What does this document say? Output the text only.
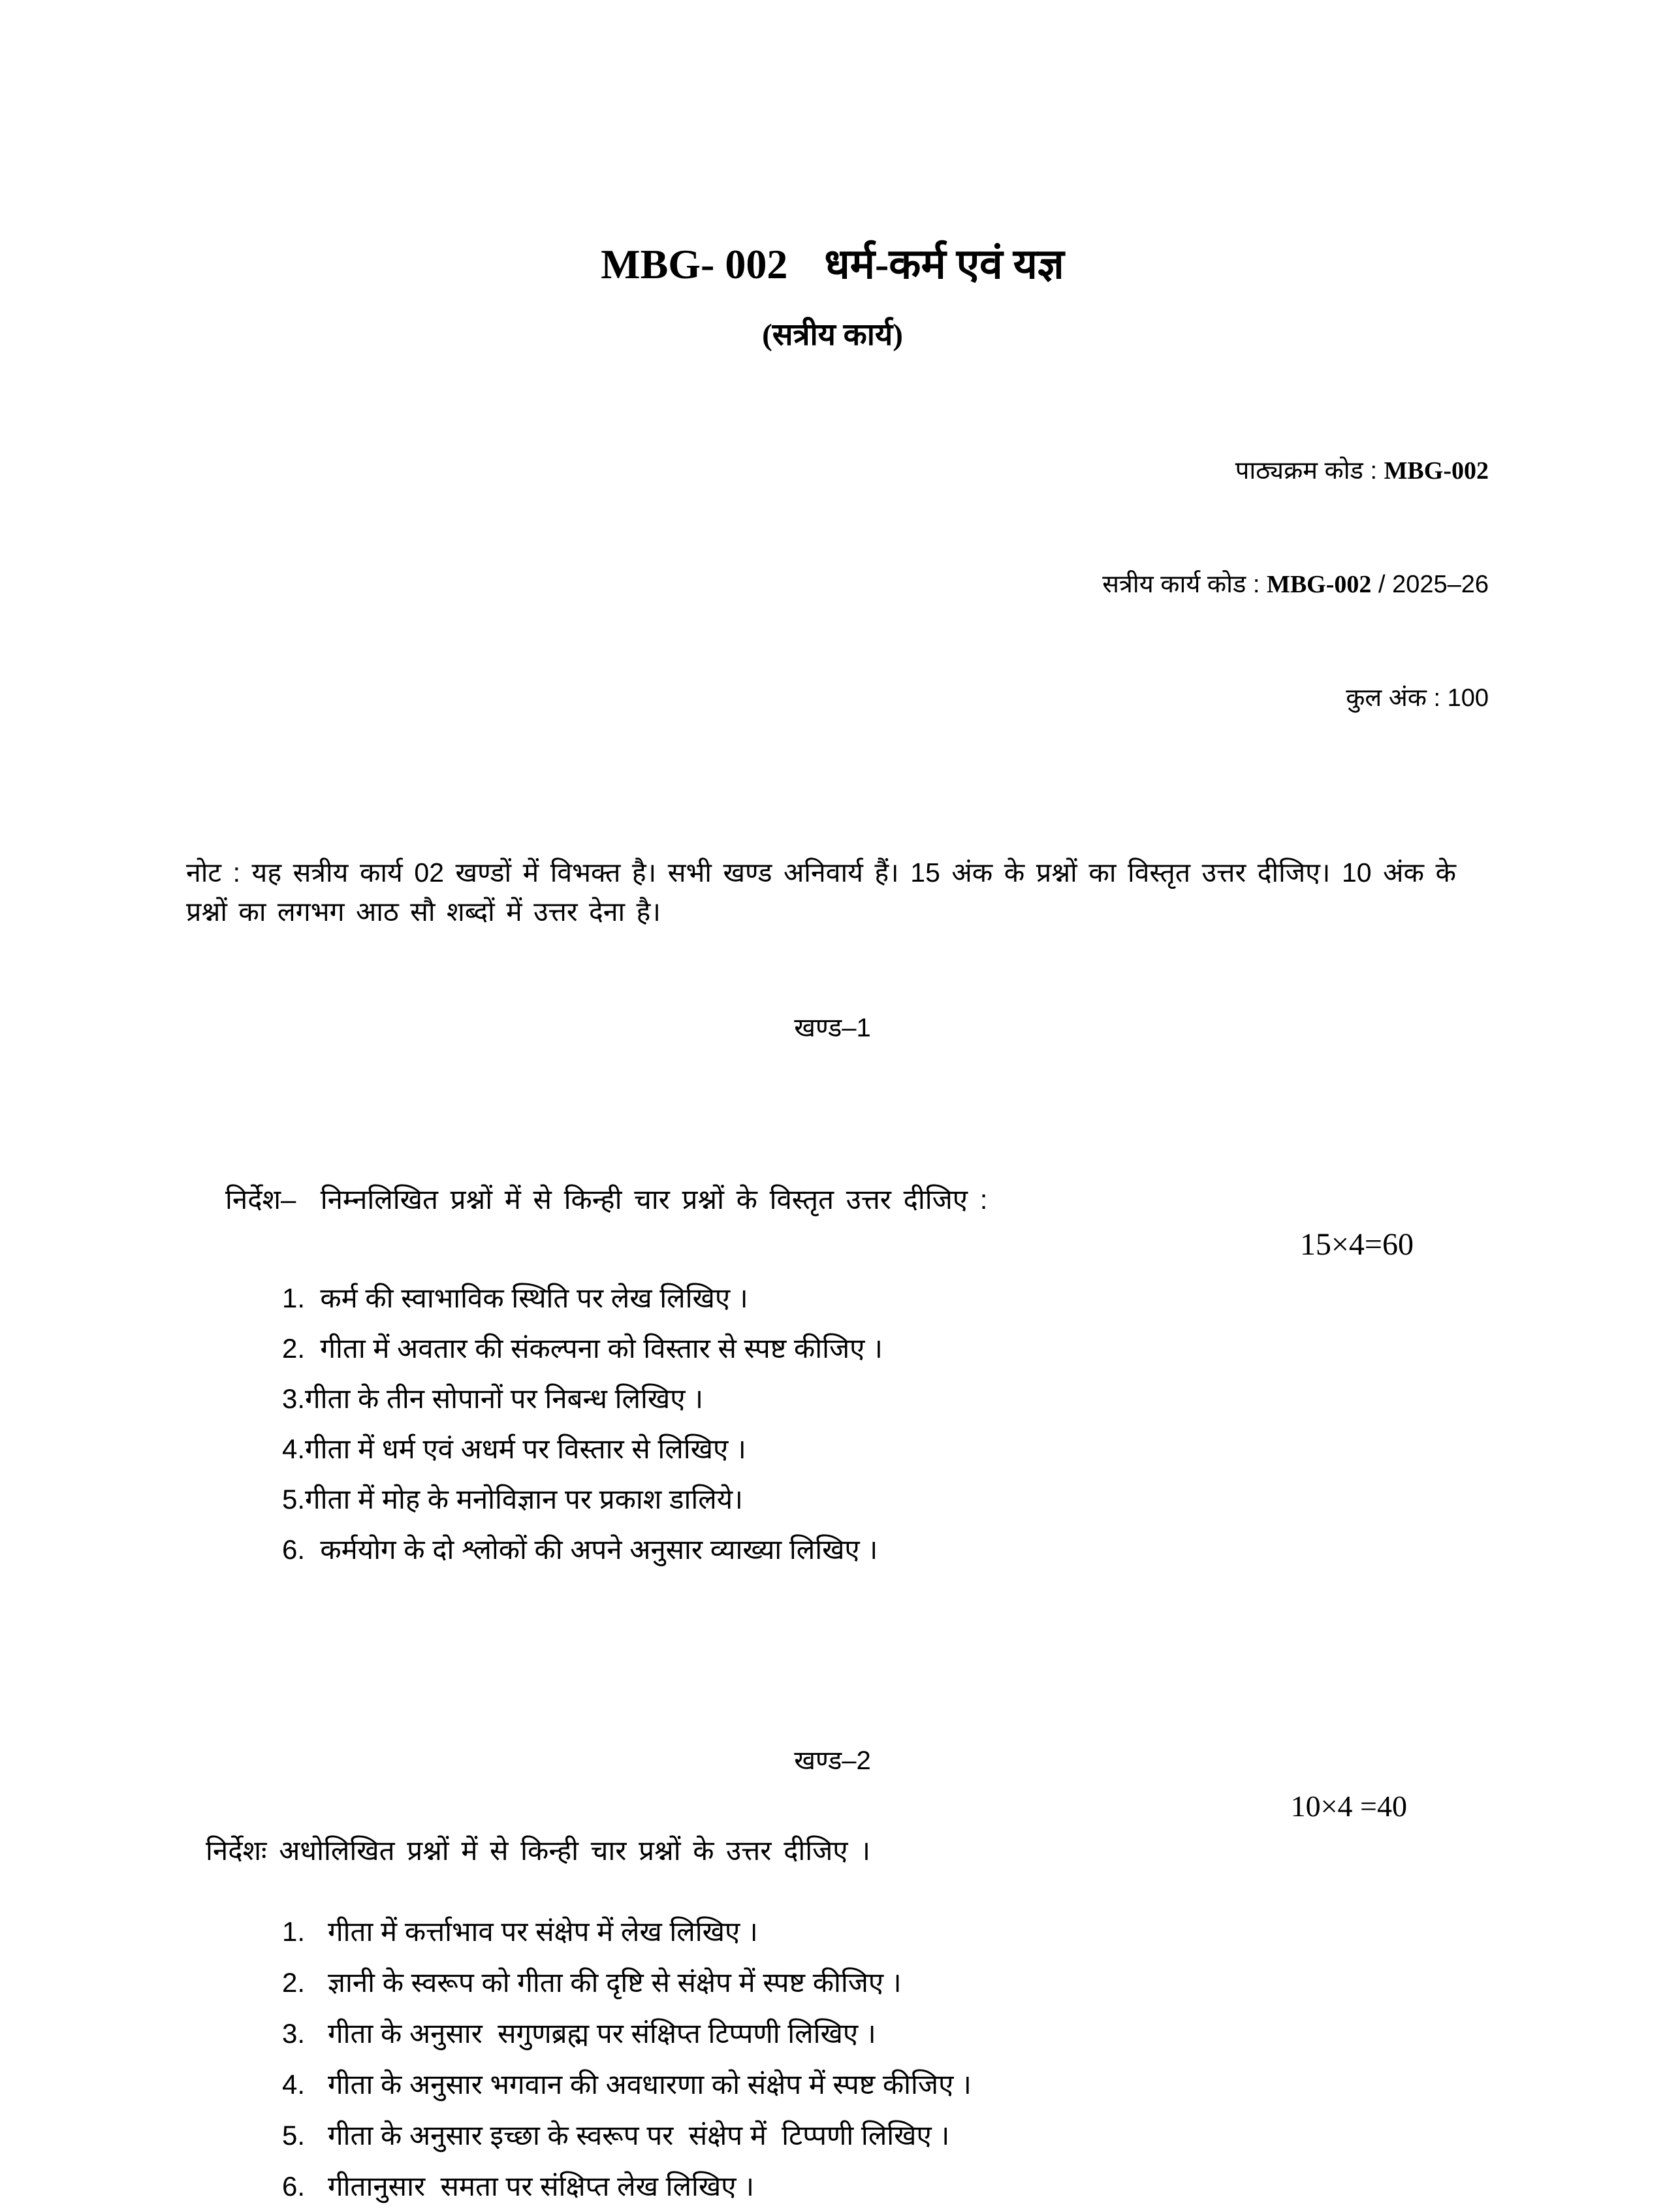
MBG- 002 धर्म-कर्म एवं यज्ञ
(सत्रीय कार्य)

पाठ्यक्रम कोड : MBG-002

सत्रीय कार्य कोड : MBG-002 / 2025–26

कुल अंक : 100

नोट : यह सत्रीय कार्य 02 खण्डों में विभक्त है। सभी खण्ड अनिवार्य हैं। 15 अंक के प्रश्नों का विस्तृत उत्तर दीजिए। 10 अंक के प्रश्नों का लगभग आठ सौ शब्दों में उत्तर देना है।
खण्ड–1
निर्देश–  निम्नलिखित प्रश्नों में से किन्ही चार प्रश्नों के विस्तृत उत्तर दीजिए :
15×4=60
1.  कर्म की स्वाभाविक स्थिति पर लेख लिखिए ।
2.  गीता में अवतार की संकल्पना को विस्तार से स्पष्ट कीजिए ।
3.गीता के तीन सोपानों पर निबन्ध लिखिए ।
4.गीता में धर्म एवं अधर्म पर विस्तार से लिखिए ।
5.गीता में मोह के मनोविज्ञान पर प्रकाश डालिये।
6.  कर्मयोग के दो श्लोकों की अपने अनुसार व्याख्या लिखिए ।
खण्ड–2
10×4 =40
निर्देशः अधोलिखित प्रश्नों में से किन्ही चार प्रश्नों के उत्तर दीजिए ।
1.   गीता में कर्त्ताभाव पर संक्षेप में लेख लिखिए ।
2.   ज्ञानी के स्वरूप को गीता की दृष्टि से संक्षेप में स्पष्ट कीजिए ।
3.   गीता के अनुसार  सगुणब्रह्म पर संक्षिप्त टिप्पणी लिखिए ।
4.   गीता के अनुसार भगवान की अवधारणा को संक्षेप में स्पष्ट कीजिए ।
5.   गीता के अनुसार इच्छा के स्वरूप पर  संक्षेप में  टिप्पणी लिखिए ।
6.   गीतानुसार  समता पर संक्षिप्त लेख लिखिए ।
